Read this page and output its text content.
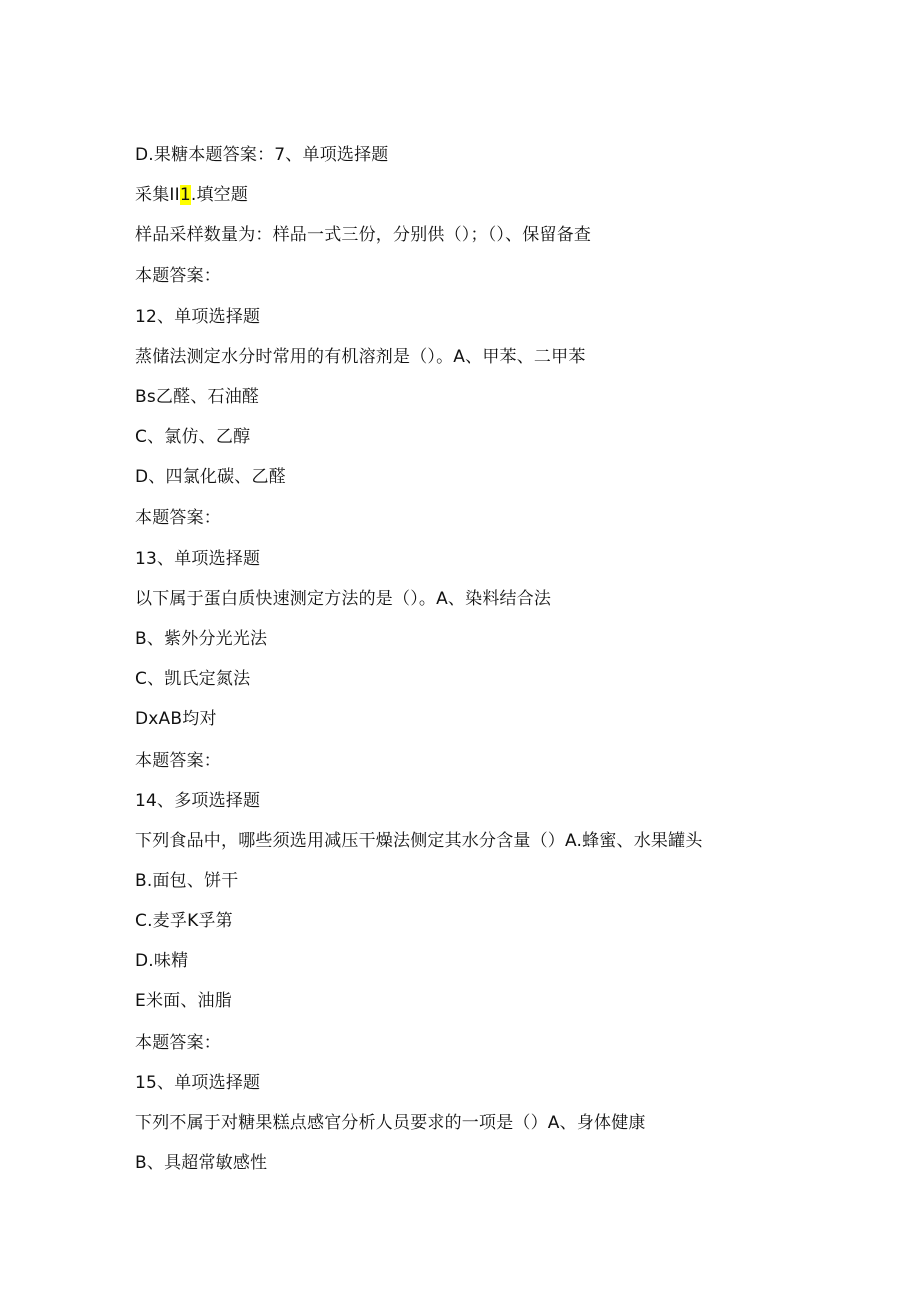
D.果糖本题答案：7、单项选择题
采集II1.填空题
样品采样数量为：样品一式三份，分别供（）；（）、保留备查
本题答案：
12、单项选择题
蒸储法测定水分时常用的有机溶剂是（）。A、甲苯、二甲苯
Bs乙醛、石油醛
C、氯仿、乙醇
D、四氯化碳、乙醛
本题答案：
13、单项选择题
以下属于蛋白质快速测定方法的是（）。A、染料结合法
B、紫外分光光法
C、凯氏定氮法
DxAB均对
本题答案：
14、多项选择题
下列食品中，哪些须选用减压干燥法侧定其水分含量（）A.蜂蜜、水果罐头
B.面包、饼干
C.麦孚K孚第
D.味精
E米面、油脂
本题答案：
15、单项选择题
下列不属于对糖果糕点感官分析人员要求的一项是（）A、身体健康
B、具超常敏感性
